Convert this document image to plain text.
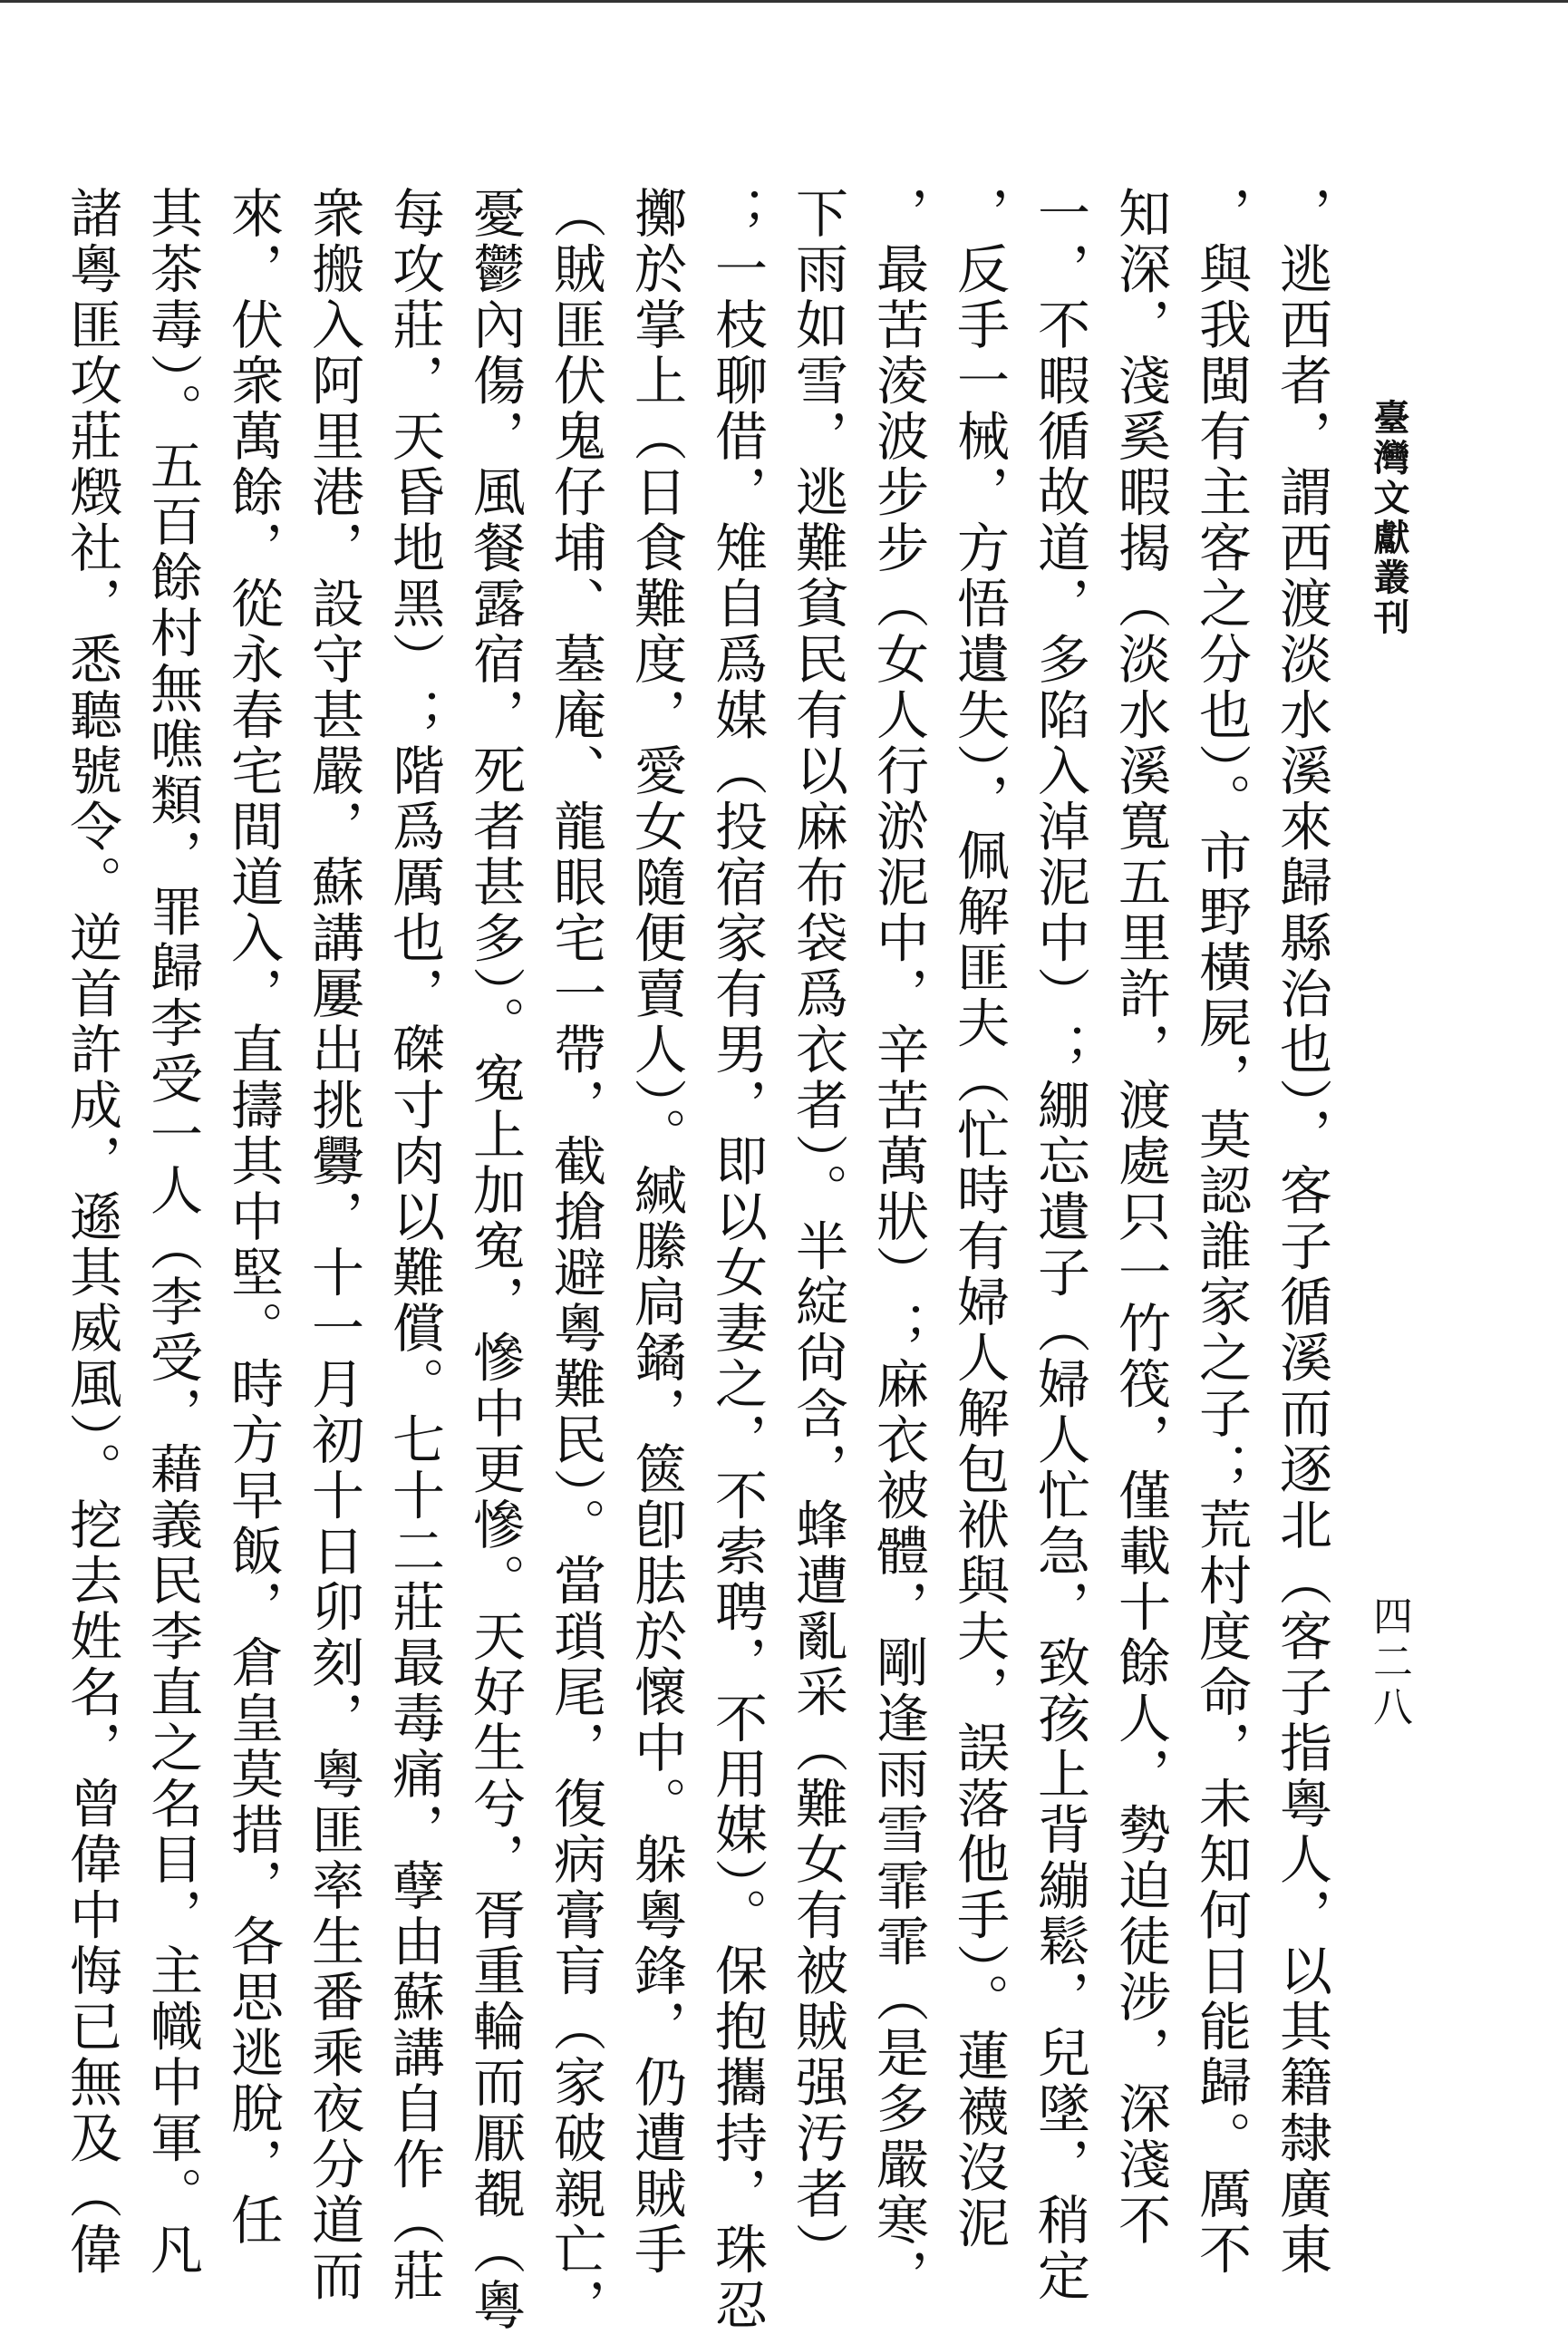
臺灣文獻叢刊
四二八
，逃西者，謂西渡淡水溪來歸縣治也），客子循溪而逐北（客子指粵人，以其籍隸廣東
，與我閩有主客之分也）。市野橫屍，莫認誰家之子；荒村度命，未知何日能歸。厲不
知深，淺奚暇揭（淡水溪寬五里許，渡處只一竹筏，僅載十餘人，勢迫徒涉，深淺不
一，不暇循故道，多陷入淖泥中）；綳忘遺子（婦人忙急，致孩上背繃鬆，兒墜，稍定
，反手一械，方悟遺失），佩解匪夫（忙時有婦人解包袱與夫，誤落他手）。蓮襪沒泥
，最苦淩波步步（女人行淤泥中，辛苦萬狀）；麻衣被體，剛逢雨雪霏霏（是多嚴寒，
下雨如雪，逃難貧民有以麻布袋爲衣者）。半綻尙含，蜂遭亂采（難女有被賊强汚者）
；一枝聊借，雉自爲媒（投宿家有男，即以女妻之，不索聘，不用媒）。保抱攜持，珠忍
擲於掌上（日食難度，愛女隨便賣人）。緘縢扃鐍，篋卽胠於懷中。躲粵鋒，仍遭賊手
（賊匪伏鬼仔埔、墓庵、龍眼宅一帶，截搶避粵難民）。當瑣尾，復病膏肓（家破親亡，
憂鬱內傷，風餐露宿，死者甚多）。寃上加寃，慘中更慘。天好生兮，胥重輪而厭覩（粵
每攻莊，天昏地黑）；階爲厲也，磔寸肉以難償。七十二莊最毒痛，孽由蘇講自作（莊
衆搬入阿里港，設守甚嚴，蘇講屢出挑釁，十一月初十日卯刻，粵匪率生番乘夜分道而
來，伏衆萬餘，從永春宅間道入，直擣其中堅。時方早飯，倉皇莫措，各思逃脫，任
其茶毒）。五百餘村無噍類，罪歸李受一人（李受，藉義民李直之名目，主幟中軍。凡
諸粵匪攻莊燬社，悉聽號令。逆首許成，遜其威風）。挖去姓名，曾偉中悔已無及（偉
